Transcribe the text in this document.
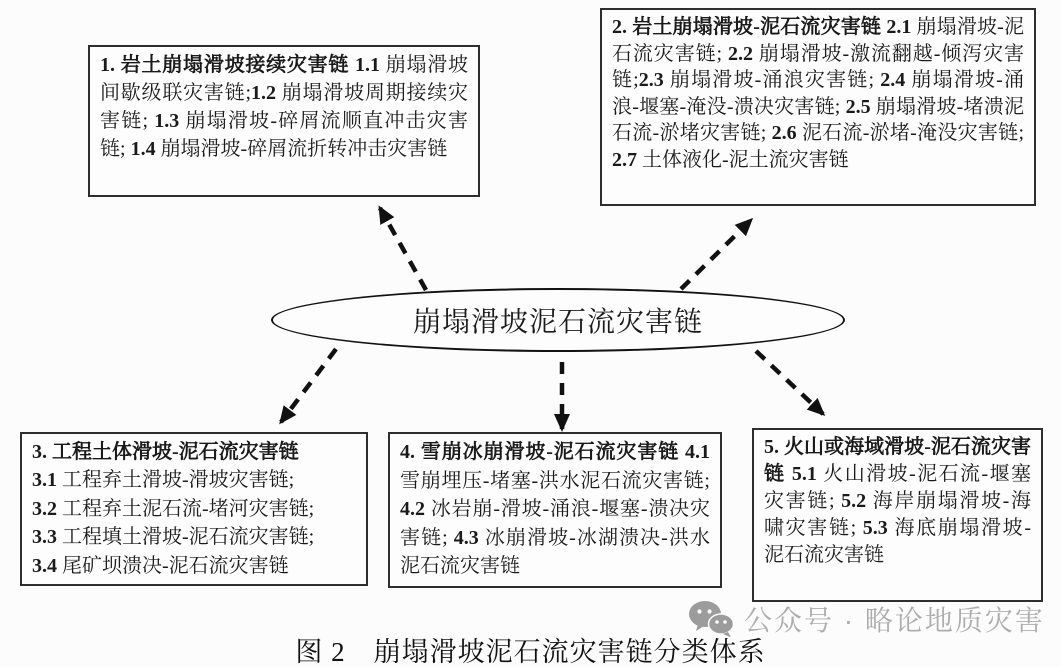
1. 岩土崩塌滑坡接续灾害链 1.1 崩塌滑坡间歇级联灾害链;1.2 崩塌滑坡周期接续灾害链; 1.3 崩塌滑坡-碎屑流顺直冲击灾害链; 1.4 崩塌滑坡-碎屑流折转冲击灾害链
2. 岩土崩塌滑坡-泥石流灾害链 2.1 崩塌滑坡-泥石流灾害链; 2.2 崩塌滑坡-激流翻越-倾泻灾害链;2.3 崩塌滑坡-涌浪灾害链; 2.4 崩塌滑坡-涌浪-堰塞-淹没-溃决灾害链; 2.5 崩塌滑坡-堵溃泥石流-淤堵灾害链; 2.6 泥石流-淤堵-淹没灾害链; 2.7 土体液化-泥土流灾害链
崩塌滑坡泥石流灾害链
3. 工程土体滑坡-泥石流灾害链
3.1 工程弃土滑坡-滑坡灾害链;
3.2 工程弃土泥石流-堵河灾害链;
3.3 工程填土滑坡-泥石流灾害链;
3.4 尾矿坝溃决-泥石流灾害链
4. 雪崩冰崩滑坡-泥石流灾害链 4.1 雪崩埋压-堵塞-洪水泥石流灾害链; 4.2 冰岩崩-滑坡-涌浪-堰塞-溃决灾害链; 4.3 冰崩滑坡-冰湖溃决-洪水泥石流灾害链
5. 火山或海域滑坡-泥石流灾害链 5.1 火山滑坡-泥石流-堰塞灾害链; 5.2 海岸崩塌滑坡-海啸灾害链; 5.3 海底崩塌滑坡-泥石流灾害链
图 2　崩塌滑坡泥石流灾害链分类体系
公众号 · 略论地质灾害
